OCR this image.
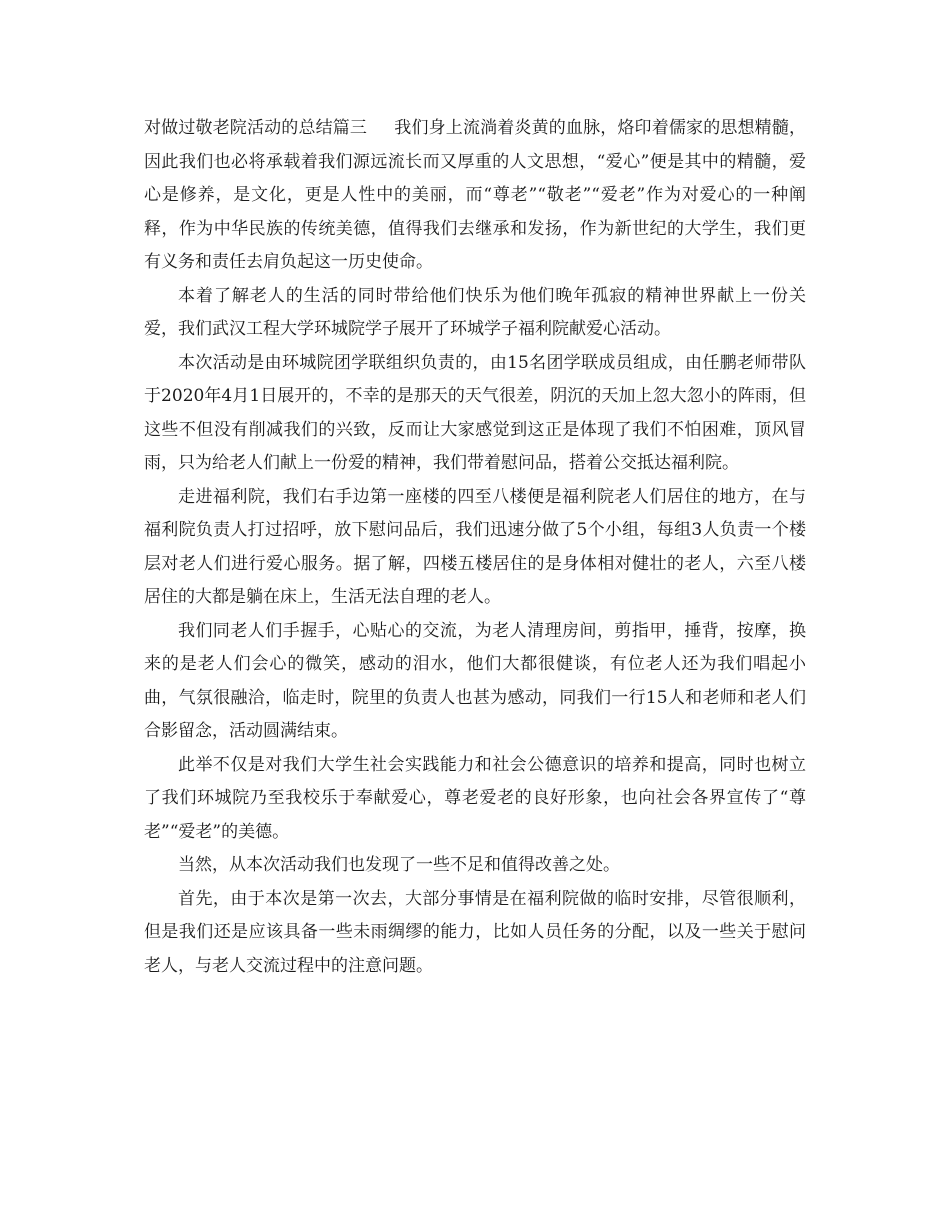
对做过敬老院活动的总结篇三 我们身上流淌着炎黄的血脉，烙印着儒家的思想精髓，因此我们也必将承载着我们源远流长而又厚重的人文思想，“爱心”便是其中的精髓，爱心是修养，是文化，更是人性中的美丽，而“尊老”“敬老”“爱老”作为对爱心的一种阐释，作为中华民族的传统美德，值得我们去继承和发扬，作为新世纪的大学生，我们更有义务和责任去肩负起这一历史使命。

本着了解老人的生活的同时带给他们快乐为他们晚年孤寂的精神世界献上一份关爱，我们武汉工程大学环城院学子展开了环城学子福利院献爱心活动。

本次活动是由环城院团学联组织负责的，由15名团学联成员组成，由任鹏老师带队于2020年4月1日展开的，不幸的是那天的天气很差，阴沉的天加上忽大忽小的阵雨，但这些不但没有削减我们的兴致，反而让大家感觉到这正是体现了我们不怕困难，顶风冒雨，只为给老人们献上一份爱的精神，我们带着慰问品，搭着公交抵达福利院。

走进福利院，我们右手边第一座楼的四至八楼便是福利院老人们居住的地方，在与福利院负责人打过招呼，放下慰问品后，我们迅速分做了5个小组，每组3人负责一个楼层对老人们进行爱心服务。据了解，四楼五楼居住的是身体相对健壮的老人，六至八楼居住的大都是躺在床上，生活无法自理的老人。

我们同老人们手握手，心贴心的交流，为老人清理房间，剪指甲，捶背，按摩，换来的是老人们会心的微笑，感动的泪水，他们大都很健谈，有位老人还为我们唱起小曲，气氛很融洽，临走时，院里的负责人也甚为感动，同我们一行15人和老师和老人们合影留念，活动圆满结束。

此举不仅是对我们大学生社会实践能力和社会公德意识的培养和提高，同时也树立了我们环城院乃至我校乐于奉献爱心，尊老爱老的良好形象，也向社会各界宣传了“尊老”“爱老”的美德。

当然，从本次活动我们也发现了一些不足和值得改善之处。

首先，由于本次是第一次去，大部分事情是在福利院做的临时安排，尽管很顺利，但是我们还是应该具备一些未雨绸缪的能力，比如人员任务的分配，以及一些关于慰问老人，与老人交流过程中的注意问题。
